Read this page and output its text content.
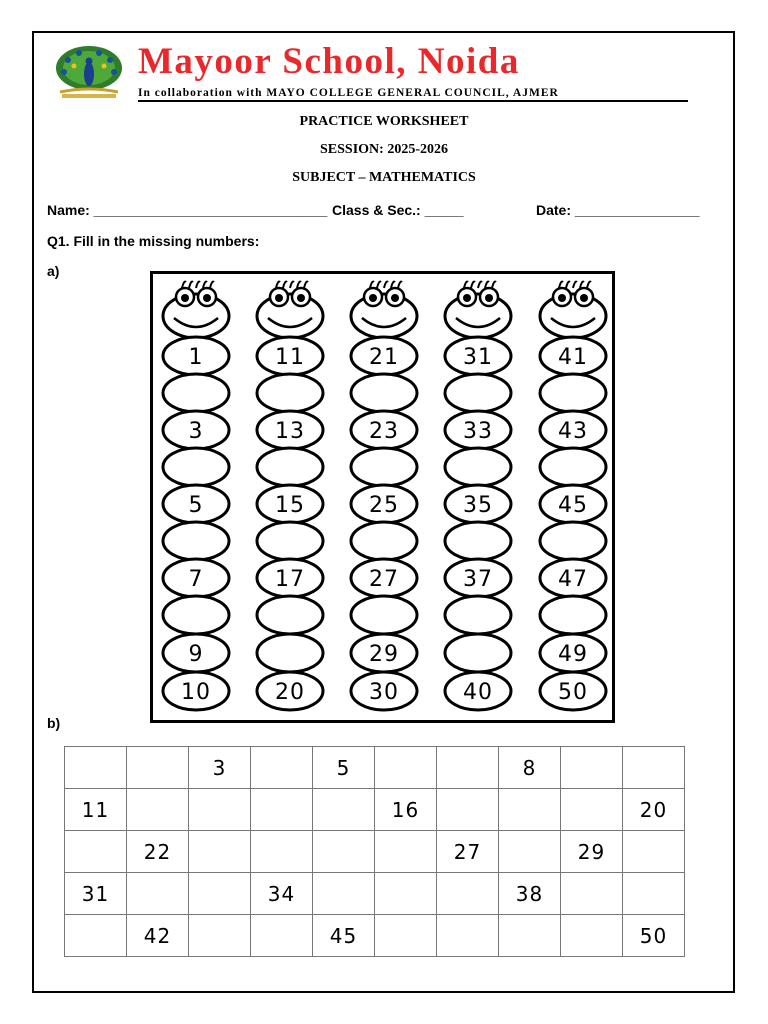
Mayoor School, Noida
In collaboration with MAYO COLLEGE GENERAL COUNCIL, AJMER
PRACTICE WORKSHEET
SESSION: 2025-2026
SUBJECT – MATHEMATICS
Name: ______________________________ Class & Sec.: _____	Date: ________________
Q1. Fill in the missing numbers:
a)
1
3
5
7
9
10
11
13
15
17
20
21
23
25
27
29
30
31
33
35
37
40
41
43
45
47
49
50
b)
		3		5			8		
11					16				20
	22					27		29	
31			34				38		
	42			45					50
